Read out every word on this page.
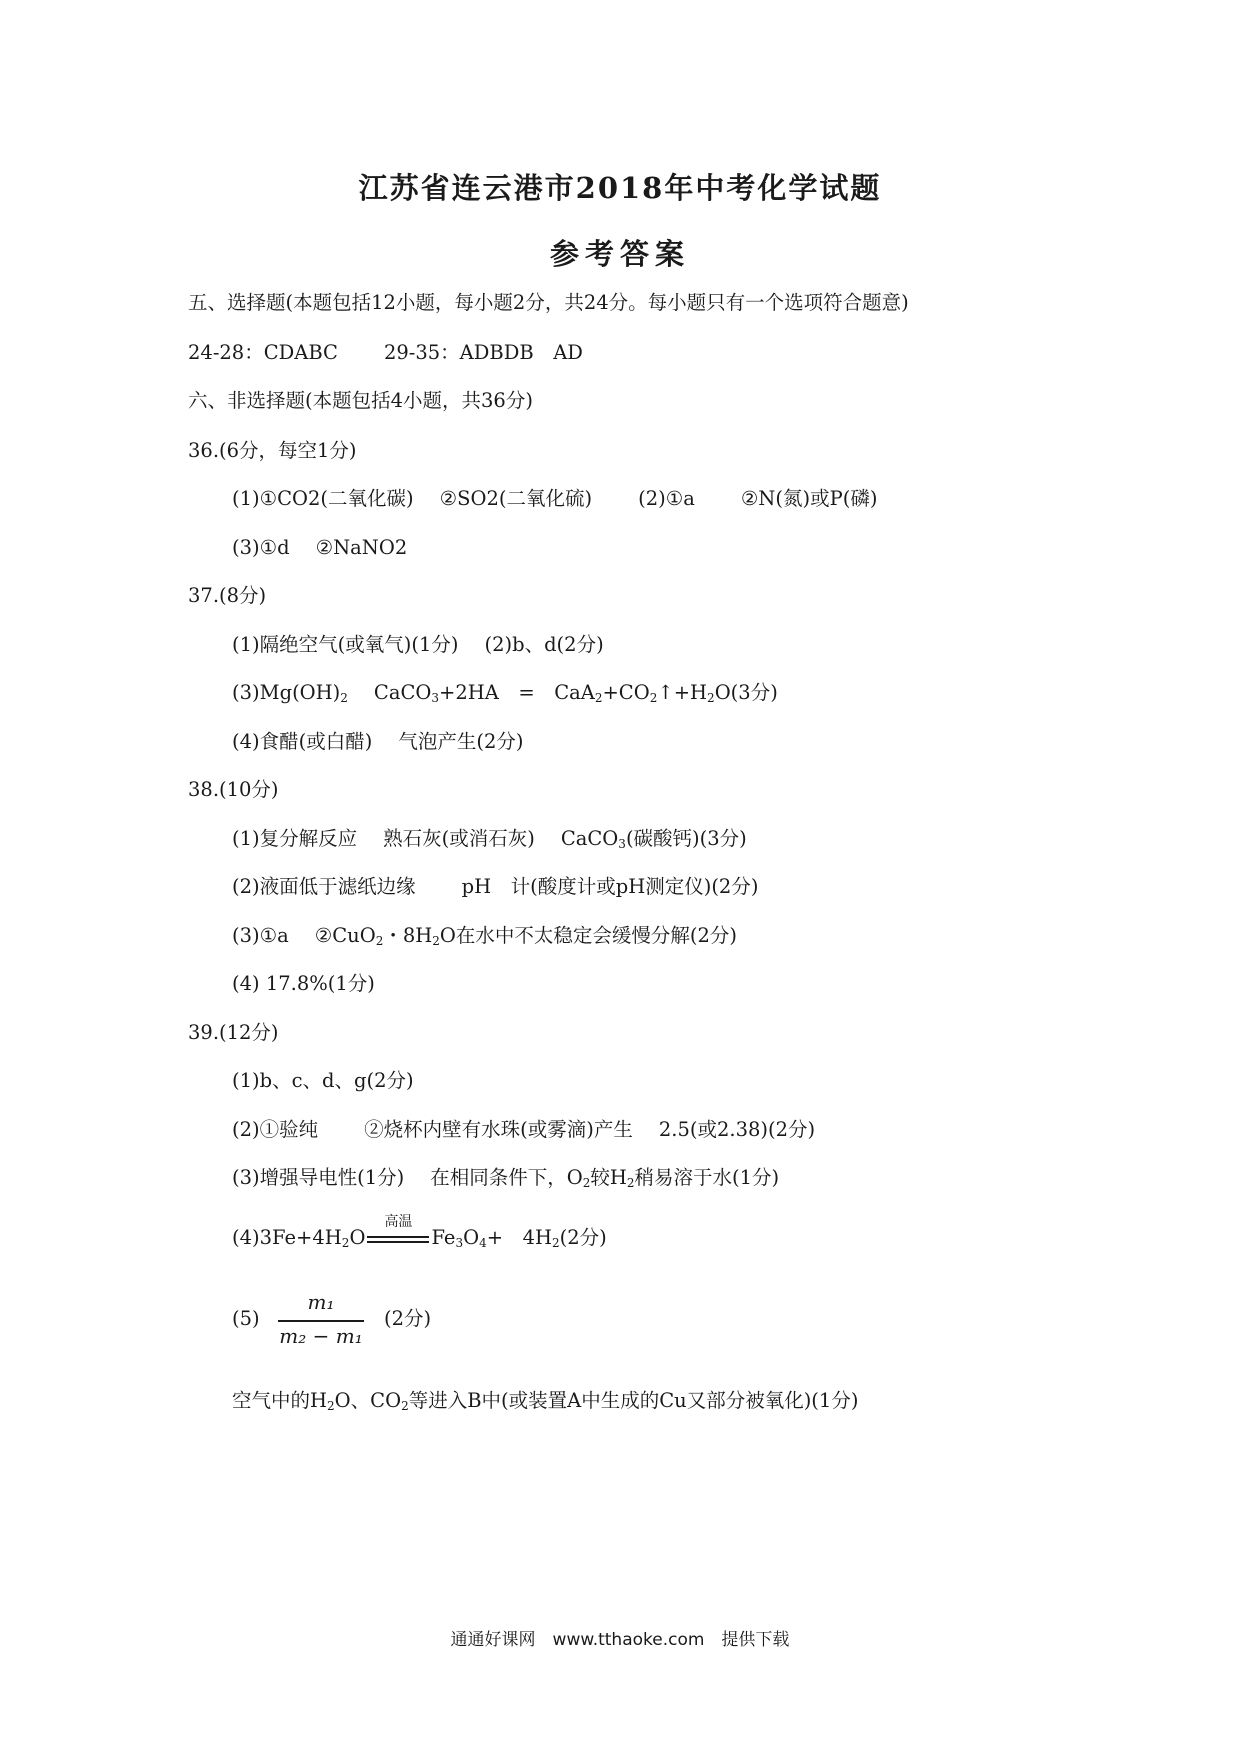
江苏省连云港市2018年中考化学试题
参考答案
五、选择题(本题包括12小题，每小题2分，共24分。每小题只有一个选项符合题意)
24-28：CDABC 29-35：ADBDB　AD
六、非选择题(本题包括4小题，共36分)
36.(6分，每空1分)
(1)①CO2(二氧化碳) ②SO2(二氧化硫) (2)①a ②N(氮)或P(磷)
(3)①d ②NaNO2
37.(8分)
(1)隔绝空气(或氧气)(1分) (2)b、d(2分)
$(3)Mg(OH)_2$ CaCO$_3$+2HA　=　$CaA_2+CO_2↑+H_2O(3$分)
(4)食醋(或白醋) 气泡产生(2分)
38.(10分)
(1)复分解反应 熟石灰(或消石灰) CaCO$_3$(碳酸钙)(3分)
(2)液面低于滤纸边缘 pH　计(酸度计或pH测定仪)(2分)
(3)①a ②CuO$_2$・$8H_2O$在水中不太稳定会缓慢分解(2分)
(4) 17.8%(1分)
39.(12分)
(1)b、c、d、g(2分)
(2)①验纯 ②烧杯内壁有水珠(或雾滴)产生 2.5(或2.38)(2分)
(3)增强导电性(1分) 在相同条件下，$O_2$较$H_2$稍易溶于水(1分)
$(4)3Fe+4H_2O$
高温
$Fe_3O_4+$　$4H_2(2$分)
(5)
m₁
m₂ − m₁
(2分)
空气中的$H_2O$、$CO_2$等进入B中(或装置A中生成的Cu又部分被氧化)(1分)
通通好课网　www.tthaoke.com　提供下载
